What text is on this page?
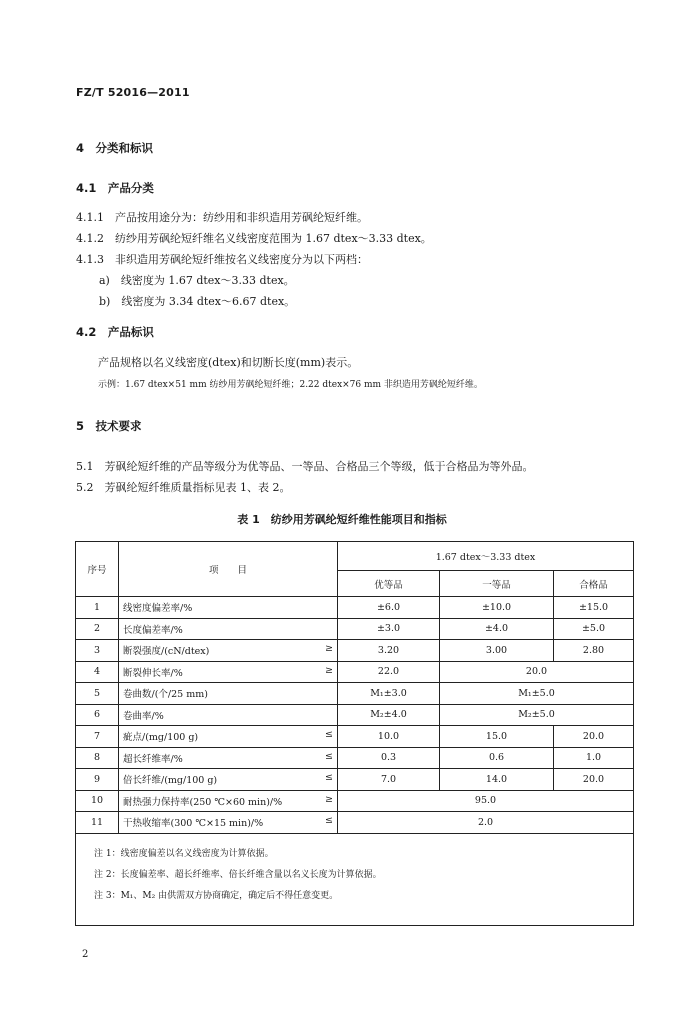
FZ/T 52016—2011
4　分类和标识
4.1　产品分类
4.1.1　产品按用途分为：纺纱用和非织造用芳砜纶短纤维。
4.1.2　纺纱用芳砜纶短纤维名义线密度范围为 1.67 dtex～3.33 dtex。
4.1.3　非织造用芳砜纶短纤维按名义线密度分为以下两档：
a)　线密度为 1.67 dtex～3.33 dtex。
b)　线密度为 3.34 dtex～6.67 dtex。
4.2　产品标识
产品规格以名义线密度(dtex)和切断长度(mm)表示。
示例：1.67 dtex×51 mm 纺纱用芳砜纶短纤维；2.22 dtex×76 mm 非织造用芳砜纶短纤维。
5　技术要求
5.1　芳砜纶短纤维的产品等级分为优等品、一等品、合格品三个等级，低于合格品为等外品。
5.2　芳砜纶短纤维质量指标见表 1、表 2。
表 1　纺纱用芳砜纶短纤维性能项目和指标
序号	项　　目	1.67 dtex～3.33 dtex		
		优等品	一等品	合格品
1	线密度偏差率/%	±6.0	±10.0	±15.0
2	长度偏差率/%	±3.0	±4.0	±5.0
3	断裂强度/(cN/dtex) ≥	3.20	3.00	2.80
4	断裂伸长率/% ≥	22.0	20.0	
5	卷曲数/(个/25 mm)	M₁±3.0	M₁±5.0	
6	卷曲率/%	M₂±4.0	M₂±5.0	
7	疵点/(mg/100 g) ≤	10.0	15.0	20.0
8	超长纤维率/% ≤	0.3	0.6	1.0
9	倍长纤维/(mg/100 g) ≤	7.0	14.0	20.0
10	耐热强力保持率(250 ℃×60 min)/% ≥	95.0		
11	干热收缩率(300 ℃×15 min)/% ≤	2.0		

注 1：线密度偏差以名义线密度为计算依据。
注 2：长度偏差率、超长纤维率、倍长纤维含量以名义长度为计算依据。
注 3：M₁、M₂ 由供需双方协商确定，确定后不得任意变更。				
2
